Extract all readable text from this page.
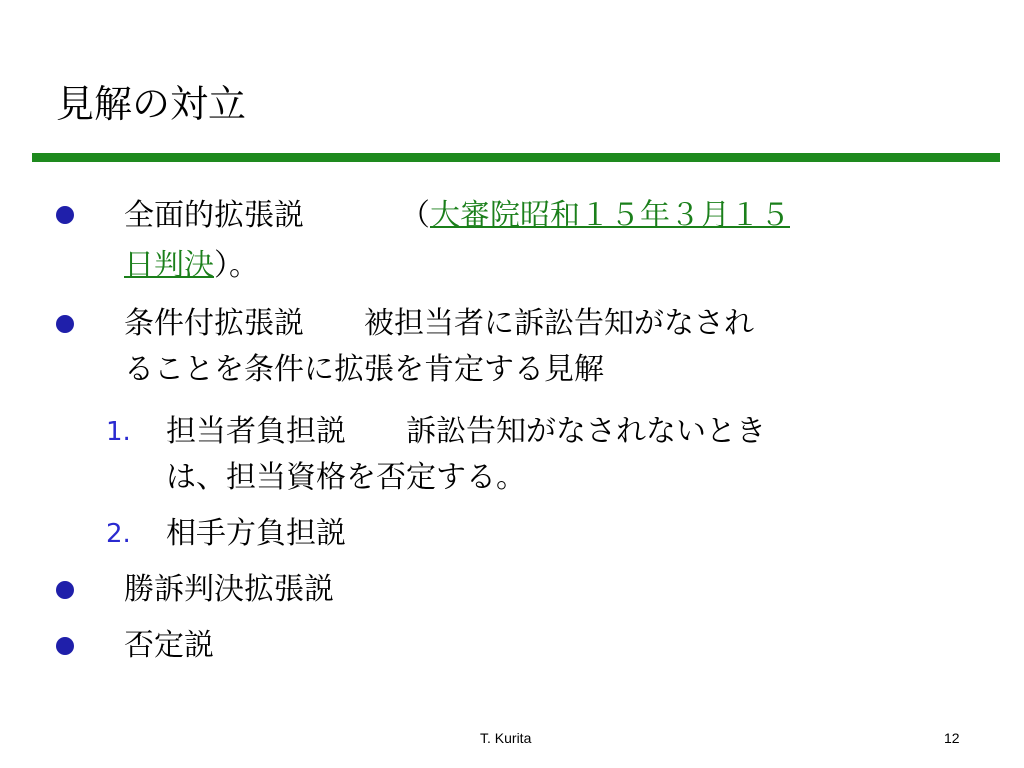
見解の対立
全面的拡張説	（大審院昭和１５年３月１５
日判決）。
条件付拡張説　　被担当者に訴訟告知がなされ
ることを条件に拡張を肯定する見解
1. 担当者負担説　　訴訟告知がなされないとき
は、担当資格を否定する。
2. 相手方負担説
勝訴判決拡張説
否定説
T. Kurita	12
